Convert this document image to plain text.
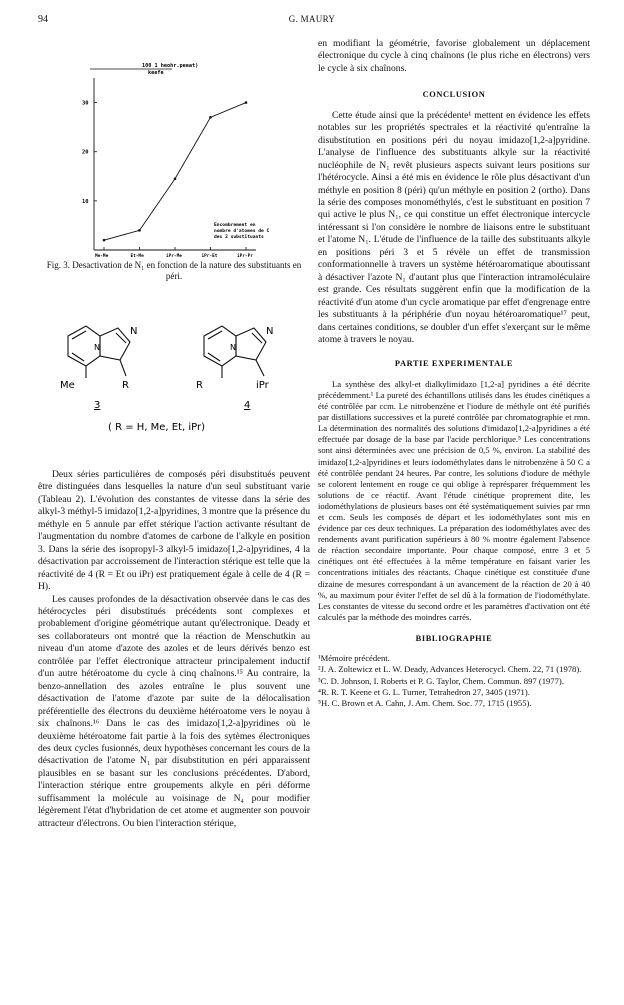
94	G. MAURY
100 1 heohr.peeat)
keefe
30
20
10
Me-Me	Et-Me	iPr-Me	iPr-Et	iPr-Pr
Encombrement en
nombre d'atomes de C
des 2 substituants
Fig. 3. Desactivation de N₁ en fonction de la nature des substituants en péri.
N
N
N
N
Me	R	R	iPr
3	4
( R = H, Me, Et, iPr)

Deux séries particulières de composés péri disubstitués peuvent être distinguées dans lesquelles la nature d'un seul substituant varie (Tableau 2). L'évolution des constantes de vitesse dans la série des alkyl-3 méthyl-5 imidazo[1,2-a]pyridines, 3 montre que la présence du méthyle en 5 annule par effet stérique l'action activante résultant de l'augmentation du nombre d'atomes de carbone de l'alkyle en position 3. Dans la série des isopropyl-3 alkyl-5 imidazo[1,2-a]pyridines, 4 la désactivation par accroissement de l'interaction stérique est telle que la réactivité de 4 (R = Et ou iPr) est pratiquement égale à celle de 4 (R = H).

Les causes profondes de la désactivation observée dans le cas des hétérocycles péri disubstitués précédents sont complexes et probablement d'origine géométrique autant qu'électronique. Deady et ses collaborateurs ont montré que la réaction de Menschutkin au niveau d'un atome d'azote des azoles et de leurs dérivés benzo est contrôlée par l'effet électronique attracteur principalement inductif d'un autre hétéroatome du cycle à cinq chaînons.¹⁵ Au contraire, la benzo-annellation des azoles entraîne le plus souvent une désactivation de l'atome d'azote par suite de la délocalisation préférentielle des électrons du deuxième hétéroatome vers le noyau à six chaînons.¹⁶ Dans le cas des imidazo[1,2-a]pyridines où le deuxième hétéroatome fait partie à la fois des sytèmes électroniques des deux cycles fusionnés, deux hypothèses concernant les cours de la désactivation de l'atome N₁ par disubstitution en péri apparaissent plausibles en se basant sur les conclusions précédentes. D'abord, l'interaction stérique entre groupements alkyle en péri déforme suffisamment la molécule au voisinage de N₄ pour modifier légèrement l'état d'hybridation de cet atome et augmenter son pouvoir attracteur d'électrons. Ou bien l'interaction stérique,

en modifiant la géométrie, favorise globalement un déplacement électronique du cycle à cinq chaînons (le plus riche en électrons) vers le cycle à six chaînons.

CONCLUSION

Cette étude ainsi que la précédente¹ mettent en évidence les effets notables sur les propriétés spectrales et la réactivité qu'entraîne la disubstitution en positions péri du noyau imidazo[1,2-a]pyridine. L'analyse de l'influence des substituants alkyle sur la réactivité nucléophile de N₁ revêt plusieurs aspects suivant leurs positions sur l'hétérocycle. Ainsi a été mis en évidence le rôle plus désactivant d'un méthyle en position 8 (péri) qu'un méthyle en position 2 (ortho). Dans la série des composes monométhylés, c'est le substituant en position 7 qui active le plus N₁, ce qui constitue un effet électronique intercycle intéressant si l'on considère le nombre de liaisons entre le substituant et l'atome N₁. L'étude de l'influence de la taille des substituants alkyle en positions péri 3 et 5 révèle un effet de transmission conformationnelle à travers un système hétéroaromatique aboutissant à désactiver l'azote N₁ d'autant plus que l'interaction intramoléculaire est grande. Ces résultats suggèrent enfin que la modification de la réactivité d'un atome d'un cycle aromatique par effet d'engrenage entre les substituants à la périphérie d'un noyau hétéroaromatique¹⁷ peut, dans certaines conditions, se doubler d'un effet s'exerçant sur le même atome à travers le noyau.

PARTIE EXPERIMENTALE

La synthèse des alkyl-et dialkylimidazo [1,2-a] pyridines a été décrite précédemment.¹ La pureté des échantillons utilisés dans les études cinétiques a été contrôlée par ccm. Le nitrobenzène et l'iodure de méthyle ont été purifiés par distillations successives et la pureté contrôlée par chromatographie et rmn. La détermination des normalités des solutions d'imidazo[1,2-a]pyridines a été effectuée par dosage de la base par l'acide perchlorique.⁵ Les concentrations sont ainsi déterminées avec une précision de 0,5 %, environ. La stabilité des imidazo[1,2-a]pyridines et leurs iodométhylates dans le nitrobenzène à 50 C a été contrôlée pendant 24 heures. Par contre, les solutions d'iodure de méthyle se colorent lentement en rouge ce qui oblige à représparer fréquemment les solutions de ce réactif. Avant l'étude cinétique proprement dite, les iodométhylations de plusieurs bases ont été systématiquement suivies par rmn et ccm. Seuls les composés de départ et les iodométhylates sont mis en évidence par ces deux techniques. La préparation des iodométhylates avec des rendements avant purification supérieurs à 80 % montre également l'absence de réaction secondaire importante. Pour chaque composé, entre 3 et 5 cinétiques ont été effectuées à la même température en faisant varier les concentrations initiales des réactants. Chaque cinétique est constituée d'une dizaine de mesures correspondant à un avancement de la réaction de 20 à 40 %, au maximum pour éviter l'effet de sel dû à la formation de l'iodométhylate. Les constantes de vitesse du second ordre et les paramètres d'activation ont été calculés par la méthode des moindres carrés.

BIBLIOGRAPHIE
¹Mémoire précédent.
²J. A. Zoltewicz et L. W. Deady, Advances Heterocycl. Chem. 22, 71 (1978).
³C. D. Johnson, I. Roberts et P. G. Taylor, Chem. Commun. 897 (1977).
⁴R. R. T. Keene et G. L. Turner, Tetrahedron 27, 3405 (1971).
⁵H. C. Brown et A. Cahn, J. Am. Chem. Soc. 77, 1715 (1955).
